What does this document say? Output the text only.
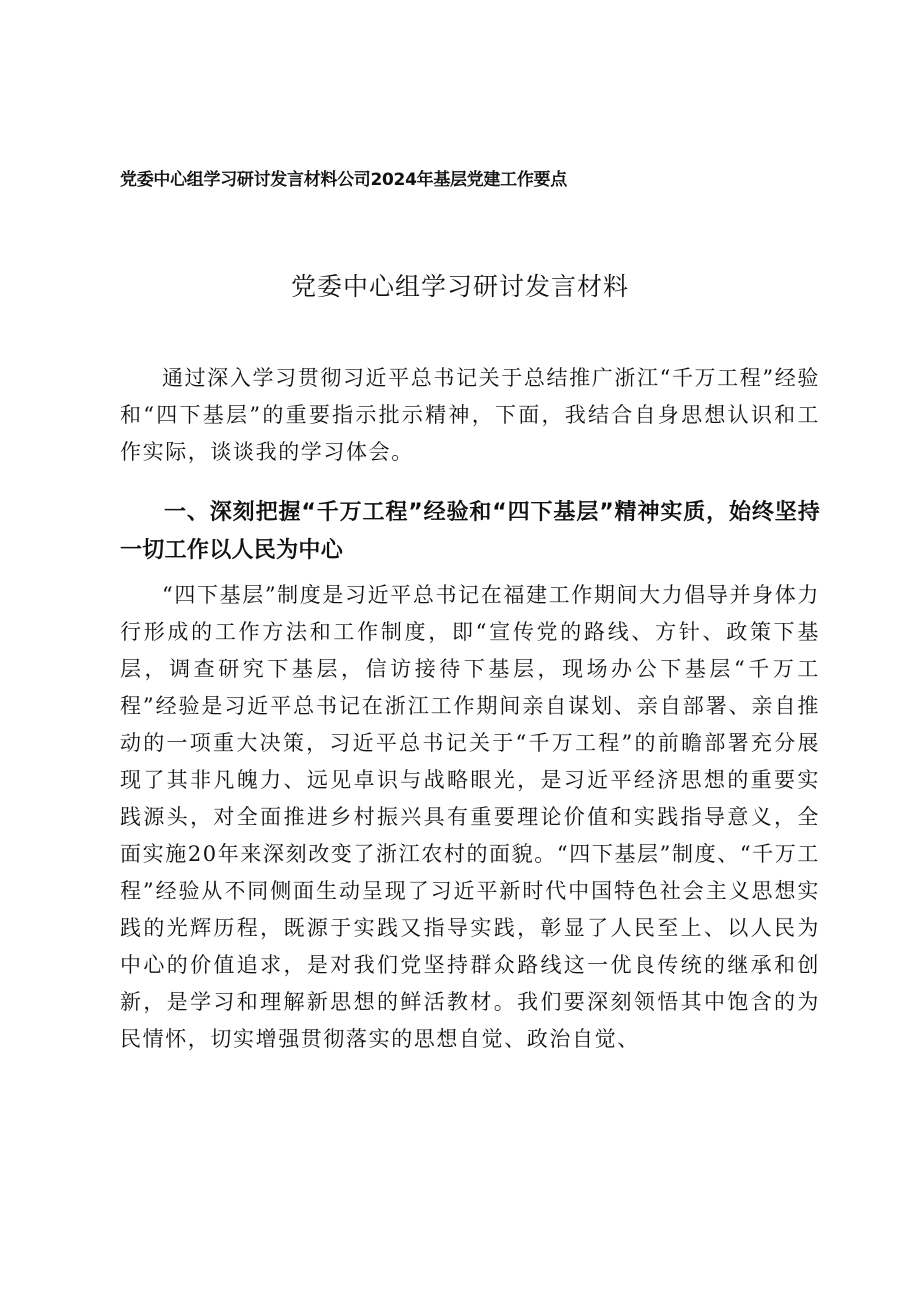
党委中心组学习研讨发言材料公司2024年基层党建工作要点
党委中心组学习研讨发言材料

通过深入学习贯彻习近平总书记关于总结推广浙江“千万工程”经验和“四下基层”的重要指示批示精神，下面，我结合自身思想认识和工作实际，谈谈我的学习体会。

一、深刻把握“千万工程”经验和“四下基层”精神实质，始终坚持一切工作以人民为中心

“四下基层”制度是习近平总书记在福建工作期间大力倡导并身体力行形成的工作方法和工作制度，即“宣传党的路线、方针、政策下基层，调查研究下基层，信访接待下基层，现场办公下基层“千万工程”经验是习近平总书记在浙江工作期间亲自谋划、亲自部署、亲自推动的一项重大决策，习近平总书记关于“千万工程”的前瞻部署充分展现了其非凡魄力、远见卓识与战略眼光，是习近平经济思想的重要实践源头，对全面推进乡村振兴具有重要理论价值和实践指导意义，全面实施20年来深刻改变了浙江农村的面貌。“四下基层”制度、“千万工程”经验从不同侧面生动呈现了习近平新时代中国特色社会主义思想实践的光辉历程，既源于实践又指导实践，彰显了人民至上、以人民为中心的价值追求，是对我们党坚持群众路线这一优良传统的继承和创新，是学习和理解新思想的鲜活教材。我们要深刻领悟其中饱含的为民情怀，切实增强贯彻落实的思想自觉、政治自觉、
